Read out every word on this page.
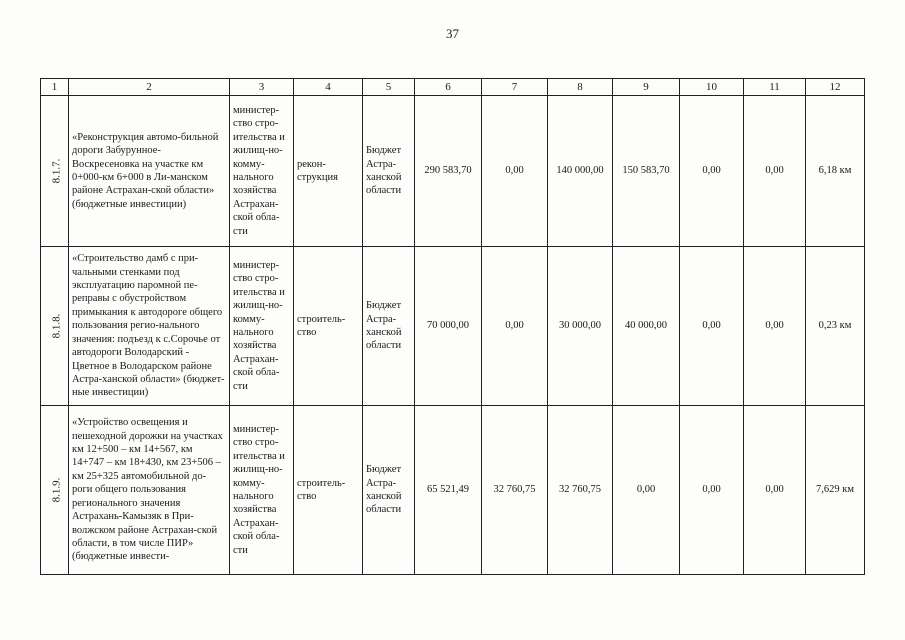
37
1	2	3	4	5	6	7	8	9	10	11	12
8.1.7.	«Реконструкция автомо-бильной дороги Забурунное-Воскресеновка на участке км 0+000-км 6+000 в Ли-манском районе Астрахан-ской области» (бюджетные инвестиции)	министер-ство стро-ительства и жилищ-но-комму-нального хозяйства Астрахан-ской обла-сти	рекон-струкция	Бюджет Астра-ханской области	290 583,70	0,00	140 000,00	150 583,70	0,00	0,00	6,18 км
8.1.8.	«Строительство дамб с при-чальными стенками под эксплуатацию паромной пе-реправы с обустройством примыкания к автодороге общего пользования регио-нального значения: подъезд к с.Сорочье от автодороги Володарский - Цветное в Володарском районе Астра-ханской области» (бюджет-ные инвестиции)	министер-ство стро-ительства и жилищ-но-комму-нального хозяйства Астрахан-ской обла-сти	строитель-ство	Бюджет Астра-ханской области	70 000,00	0,00	30 000,00	40 000,00	0,00	0,00	0,23 км
8.1.9.	«Устройство освещения и пешеходной дорожки на участках км 12+500 – км 14+567, км 14+747 – км 18+430, км 23+506 – км 25+325 автомобильной до-роги общего пользования регионального значения Астрахань-Камызяк в При-волжском районе Астрахан-ской области, в том числе ПИР» (бюджетные инвести-	министер-ство стро-ительства и жилищ-но-комму-нального хозяйства Астрахан-ской обла-сти	строитель-ство	Бюджет Астра-ханской области	65 521,49	32 760,75	32 760,75	0,00	0,00	0,00	7,629 км
